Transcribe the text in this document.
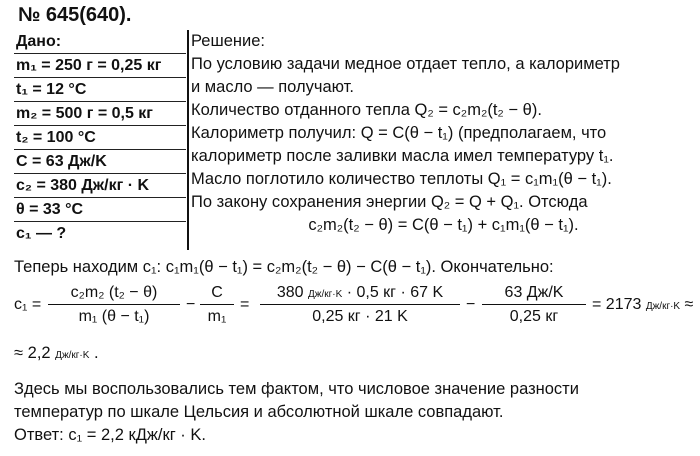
№ 645(640).
Дано:
m₁ = 250 г = 0,25 кг
t₁ = 12 °C
m₂ = 500 г = 0,5 кг
t₂ = 100 °C
C = 63 Дж/K
c₂ = 380 Дж/кг · K
θ = 33 °C
c₁ — ?
Решение:
По условию задачи медное отдает тепло, а калориметр
и масло — получают.
Количество отданного тепла Q₂ = c₂m₂(t₂ − θ).
Калориметр получил: Q = C(θ − t₁) (предполагаем, что
калориметр после заливки масла имел температуру t₁.
Масло поглотило количество теплоты Q₁ = c₁m₁(θ − t₁).
По закону сохранения энергии Q₂ = Q + Q₁. Отсюда
c₂m₂(t₂ − θ) = C(θ − t₁) + c₁m₁(θ − t₁).
Теперь находим c₁: c₁m₁(θ − t₁) = c₂m₂(t₂ − θ) − C(θ − t₁). Окончательно:
$c_1 = \frac{\text{c₂m₂ (t₂ − θ)}}{\text{m₁ (θ − t₁)}} - \frac{C}{\text{m₁}}$ =
380 Дж/кг·K · 0,5 кг · 67 K
0,25 кг · 21 K
−
63 Дж/K
0,25 кг
= 2173 Дж/кг·K ≈
≈ 2,2 Дж/кг·K .
Здесь мы воспользовались тем фактом, что числовое значение разности
температур по шкале Цельсия и абсолютной шкале совпадают.
Ответ: c₁ = 2,2 кДж/кг · K.
